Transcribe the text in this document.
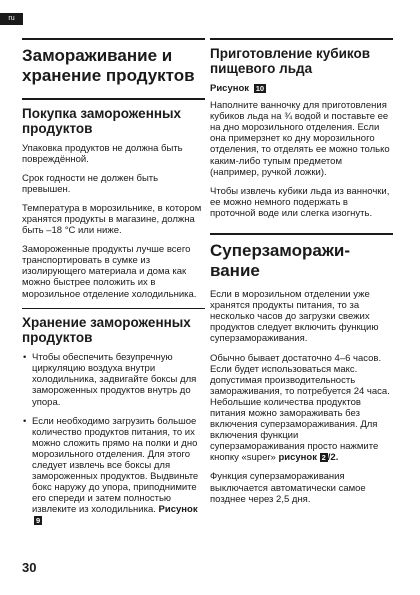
ru
Замораживание и хранение продуктов
Покупка замороженных продуктов

Упаковка продуктов не должна быть повреждённой.

Срок годности не должен быть превышен.

Температура в морозильнике, в котором хранятся продукты в магазине, должна быть –18 °C или ниже.

Замороженные продукты лучше всего транспортировать в сумке из изолирующего материала и дома как можно быстрее положить их в морозильное отделение холодильника.

Хранение замороженных продуктов
• Чтобы обеспечить безупречную циркуляцию воздуха внутри холодильника, задвигайте боксы для замороженных продуктов внутрь до упора.
• Если необходимо загрузить большое количество продуктов питания, то их можно сложить прямо на полки и дно морозильного отделения. Для этого следует извлечь все боксы для замороженных продуктов. Выдвиньте бокс наружу до упора, приподнимите его спереди и затем полностью извлеките из холодильника. Рисунок9
Приготовление кубиков пищевого льда
Рисунок 10

Наполните ванночку для приготовления кубиков льда на ¾ водой и поставьте ее на дно морозильного отделения. Если она примерзнет ко дну морозильного отделения, то отделять ее можно только каким-либо тупым предметом (например, ручкой ложки).

Чтобы извлечь кубики льда из ванночки, ее можно немного подержать в проточной воде или слегка изогнуть.

Суперзаморажи-вание

Если в морозильном отделении уже хранятся продукты питания, то за несколько часов до загрузки свежих продуктов следует включить функцию суперзамораживания.

Обычно бывает достаточно 4–6 часов. Если будет использоваться макс. допустимая производительность замораживания, то потребуется 24 часа. Небольшие количества продуктов питания можно замораживать без включения суперзамораживания. Для включения функции суперзамораживания просто нажмите кнопку «super» рисунок 2 /2.

Функция суперзамораживания выключается автоматически самое позднее через 2,5 дня.

30
